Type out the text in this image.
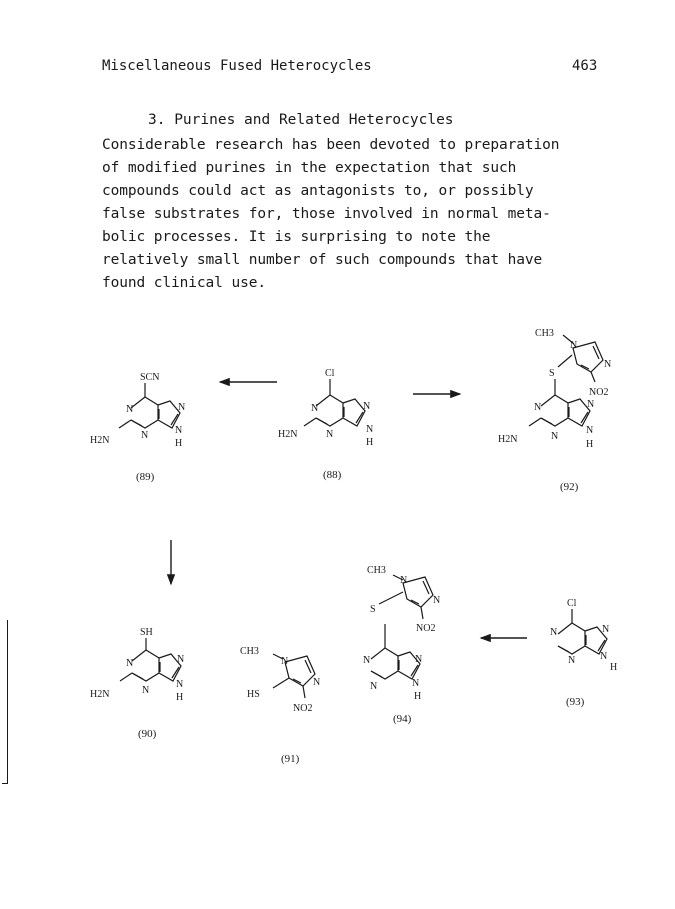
Miscellaneous Fused Heterocycles	463
3. Purines and Related Heterocycles
Considerable research has been devoted to preparation
of modified purines in the expectation that such
compounds could act as antagonists to, or possibly
false substrates for, those involved in normal meta-
bolic processes. It is surprising to note the
relatively small number of such compounds that have
found clinical use.
Cl
N
N
N
N
H
H2N
SCN
N
N
N
N
H
H2N
N
N
N
N
H
H2N
S
N
N
CH3
NO2
SH
N
N
N
N
H
H2N
N
N
CH3
HS
NO2
N
N
N
N
H
S
N
N
CH3
NO2
Cl
N
N
N
N
H
(88)
(89)
(92)
(90)
(91)
(94)
(93)
